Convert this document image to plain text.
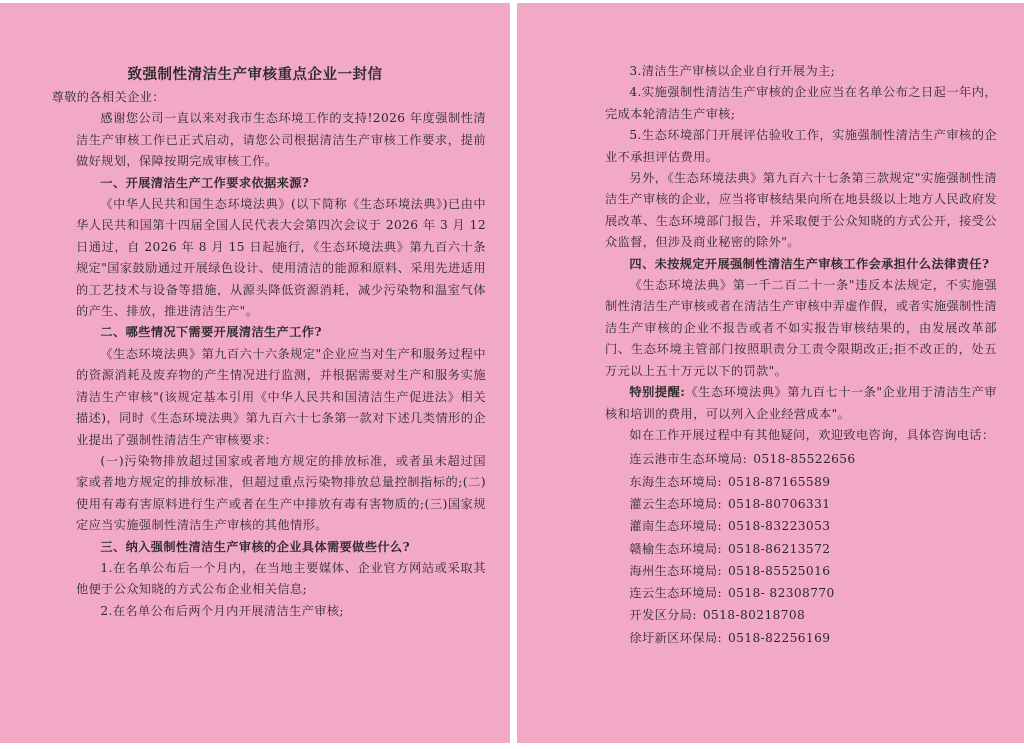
致强制性清洁生产审核重点企业一封信

尊敬的各相关企业：

感谢您公司一直以来对我市生态环境工作的支持!2026 年度强制性清洁生产审核工作已正式启动，请您公司根据清洁生产审核工作要求，提前做好规划，保障按期完成审核工作。

一、开展清洁生产工作要求依据来源?

《中华人民共和国生态环境法典》(以下简称《生态环境法典》)已由中华人民共和国第十四届全国人民代表大会第四次会议于 2026 年 3 月 12 日通过，自 2026 年 8 月 15 日起施行，《生态环境法典》第九百六十条规定"国家鼓励通过开展绿色设计、使用清洁的能源和原料、采用先进适用的工艺技术与设备等措施，从源头降低资源消耗，减少污染物和温室气体的产生、排放，推进清洁生产"。

二、哪些情况下需要开展清洁生产工作?

《生态环境法典》第九百六十六条规定"企业应当对生产和服务过程中的资源消耗及废弃物的产生情况进行监测，并根据需要对生产和服务实施清洁生产审核"(该规定基本引用《中华人民共和国清洁生产促进法》相关描述)，同时《生态环境法典》第九百六十七条第一款对下述几类情形的企业提出了强制性清洁生产审核要求：

(一)污染物排放超过国家或者地方规定的排放标准，或者虽未超过国家或者地方规定的排放标准，但超过重点污染物排放总量控制指标的;(二)使用有毒有害原料进行生产或者在生产中排放有毒有害物质的;(三)国家规定应当实施强制性清洁生产审核的其他情形。

三、纳入强制性清洁生产审核的企业具体需要做些什么?

1.在名单公布后一个月内，在当地主要媒体、企业官方网站或采取其他便于公众知晓的方式公布企业相关信息;

2.在名单公布后两个月内开展清洁生产审核;

3.清洁生产审核以企业自行开展为主;

4.实施强制性清洁生产审核的企业应当在名单公布之日起一年内，完成本轮清洁生产审核;

5.生态环境部门开展评估验收工作，实施强制性清洁生产审核的企业不承担评估费用。

另外，《生态环境法典》第九百六十七条第三款规定"实施强制性清洁生产审核的企业，应当将审核结果向所在地县级以上地方人民政府发展改革、生态环境部门报告，并采取便于公众知晓的方式公开，接受公众监督，但涉及商业秘密的除外"。

四、未按规定开展强制性清洁生产审核工作会承担什么法律责任?

《生态环境法典》第一千二百二十一条"违反本法规定，不实施强制性清洁生产审核或者在清洁生产审核中弄虚作假，或者实施强制性清洁生产审核的企业不报告或者不如实报告审核结果的，由发展改革部门、生态环境主管部门按照职责分工责令限期改正;拒不改正的，处五万元以上五十万元以下的罚款"。

特别提醒:《生态环境法典》第九百七十一条"企业用于清洁生产审核和培训的费用，可以列入企业经营成本"。

如在工作开展过程中有其他疑问，欢迎致电咨询，具体咨询电话：

连云港市生态环境局: 0518-85522656
东海生态环境局: 0518-87165589
灌云生态环境局: 0518-80706331
灌南生态环境局: 0518-83223053
赣榆生态环境局: 0518-86213572
海州生态环境局: 0518-85525016
连云生态环境局: 0518- 82308770
开发区分局: 0518-80218708
徐圩新区环保局: 0518-82256169
